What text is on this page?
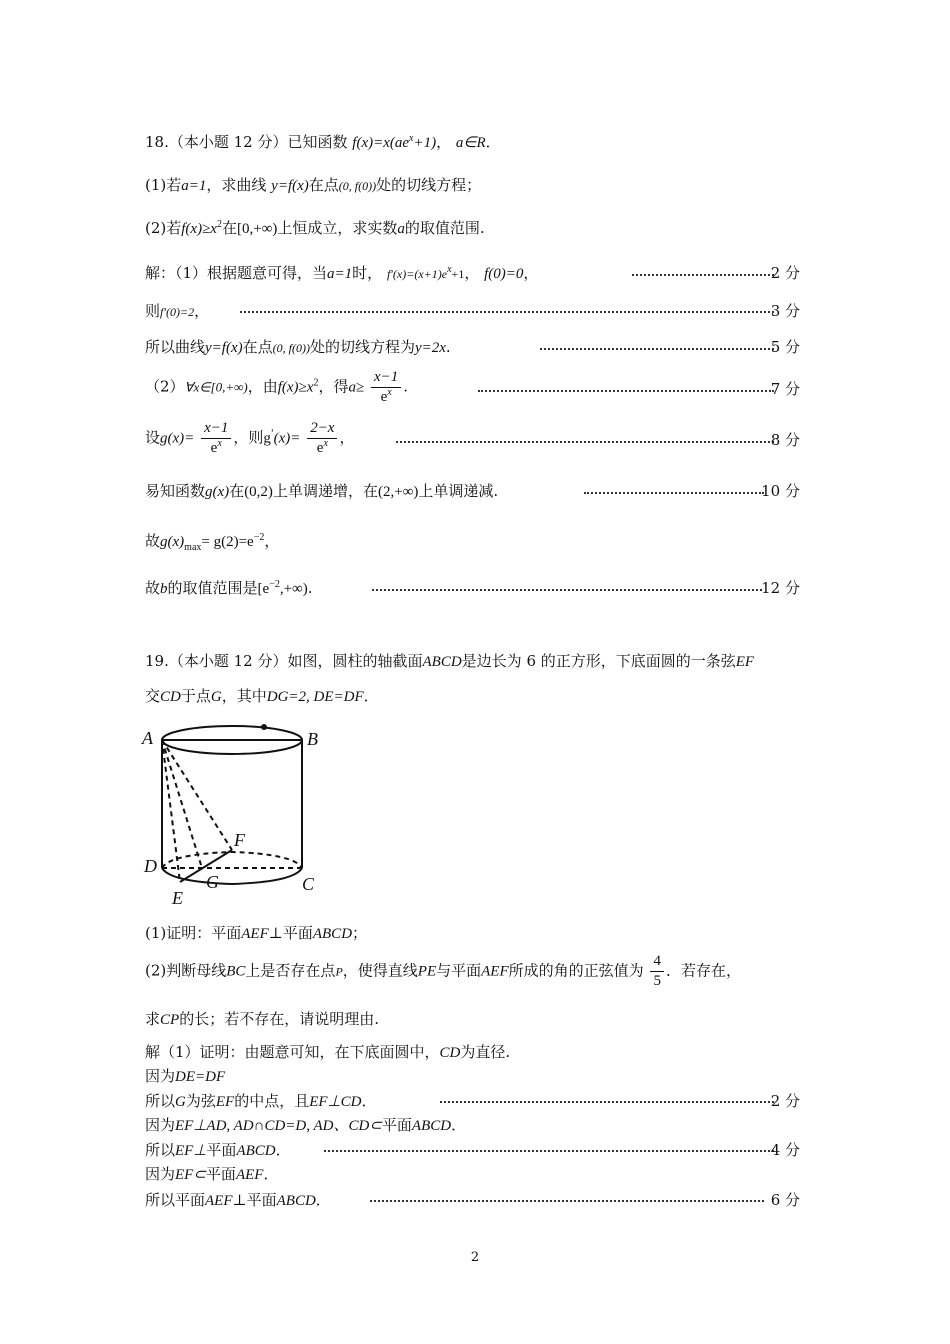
18.（本小题 12 分）已知函数 $f(x)=x(ae^x+1)$， a∈R．
(1)若a=1，求曲线 y=f(x)在点(0, f(0))处的切线方程；
(2)若$f(x)\ge x^2$在[0,+∞)上恒成立，求实数a的取值范围.
解：（1）根据题意可得，当a=1时， $f'(x)=(x+1)e^x+1$， f(0)=0，	2 分
则f′(0)=2，	3 分
所以曲线y=f(x)在点(0, f(0))处的切线方程为y=2x.	5 分
（2）∀x∈[0,+∞)，由$f(x)\ge x^2$，得$a\ge \frac{x-1}{e^x}$ .	7 分
设$g(x)= \frac{x-1}{e^x}$ ，则$g'(x)= \frac{2-x}{e^x}$ ，	8 分
易知函数g(x)在(0,2)上单调递增，在(2,+∞)上单调递减.	10 分
故$g(x)_{max}= g(2)=e^{-2}$，
故b的取值范围是$[e^{-2},+\infty)$.	12 分
19.（本小题 12 分）如图，圆柱的轴截面ABCD是边长为 6 的正方形，下底面圆的一条弦EF
交CD于点G，其中DG=2, DE=DF．
A	B
C
D
E
F
G
(1)证明：平面AEF⊥平面ABCD；
(2)判断母线BC上是否存在点P，使得直线PE与平面AEF所成的角的正弦值为 $\frac{4}{5}$ ．若存在，
求CP的长；若不存在，请说明理由.
解（1）证明：由题意可知，在下底面圆中，CD为直径.
因为DE=DF
所以G为弦EF的中点，且EF⊥CD．	2 分
因为EF⊥AD, AD∩CD=D, AD、CD⊂平面ABCD．
所以EF⊥平面ABCD．	4 分
因为EF⊂平面AEF．
所以平面AEF⊥平面ABCD．	6 分
2
